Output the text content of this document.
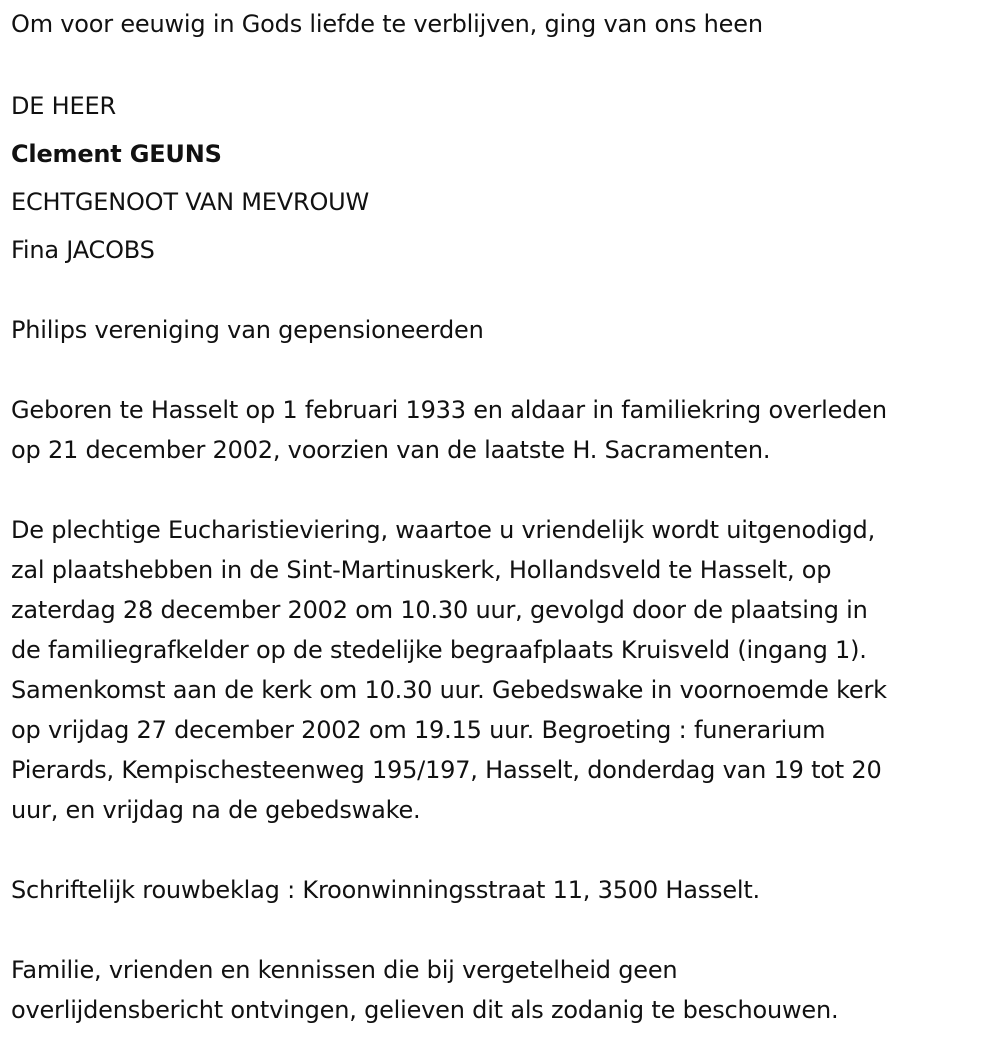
Om voor eeuwig in Gods liefde te verblijven, ging van ons heen
DE HEER
Clement GEUNS
ECHTGENOOT VAN MEVROUW
Fina JACOBS
Philips vereniging van gepensioneerden
Geboren te Hasselt op 1 februari 1933 en aldaar in familiekring overleden
op 21 december 2002, voorzien van de laatste H. Sacramenten.
De plechtige Eucharistieviering, waartoe u vriendelijk wordt uitgenodigd,
zal plaatshebben in de Sint-Martinuskerk, Hollandsveld te Hasselt, op
zaterdag 28 december 2002 om 10.30 uur, gevolgd door de plaatsing in
de familiegrafkelder op de stedelijke begraafplaats Kruisveld (ingang 1).
Samenkomst aan de kerk om 10.30 uur. Gebedswake in voornoemde kerk
op vrijdag 27 december 2002 om 19.15 uur. Begroeting : funerarium
Pierards, Kempischesteenweg 195/197, Hasselt, donderdag van 19 tot 20
uur, en vrijdag na de gebedswake.
Schriftelijk rouwbeklag : Kroonwinningsstraat 11, 3500 Hasselt.
Familie, vrienden en kennissen die bij vergetelheid geen
overlijdensbericht ontvingen, gelieven dit als zodanig te beschouwen.
